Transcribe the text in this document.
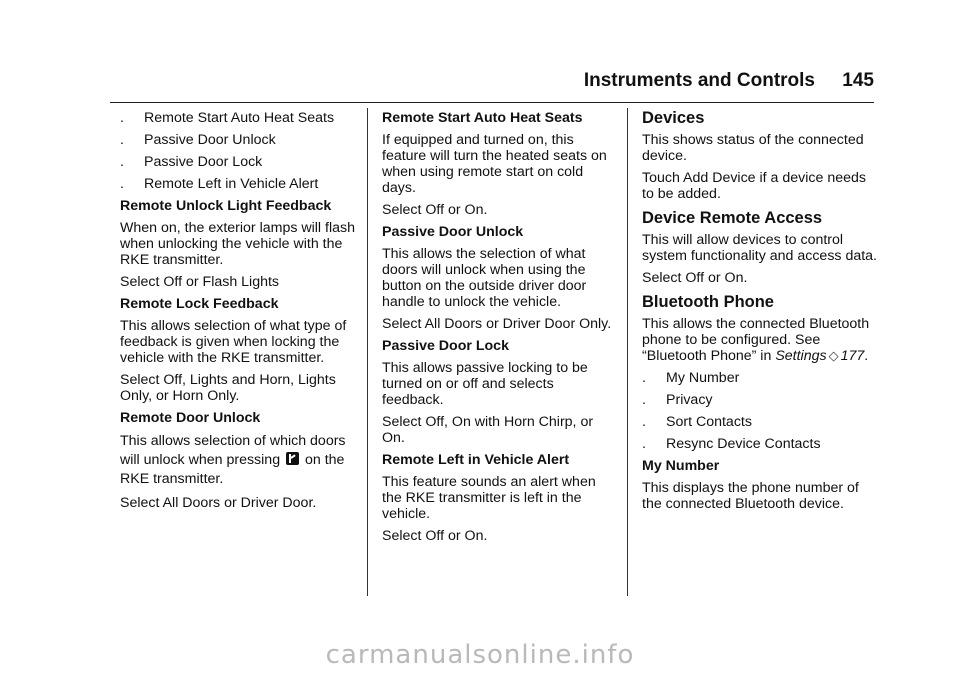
Instruments and Controls	145
. Remote Start Auto Heat Seats
. Passive Door Unlock
. Passive Door Lock
. Remote Left in Vehicle Alert

Remote Unlock Light Feedback

When on, the exterior lamps will flash when unlocking the vehicle with the RKE transmitter.

Select Off or Flash Lights

Remote Lock Feedback

This allows selection of what type of feedback is given when locking the vehicle with the RKE transmitter.

Select Off, Lights and Horn, Lights Only, or Horn Only.

Remote Door Unlock

This allows selection of which doors will unlock when pressing on the RKE transmitter.

Select All Doors or Driver Door.

Remote Start Auto Heat Seats

If equipped and turned on, this feature will turn the heated seats on when using remote start on cold days.

Select Off or On.

Passive Door Unlock

This allows the selection of what doors will unlock when using the button on the outside driver door handle to unlock the vehicle.

Select All Doors or Driver Door Only.

Passive Door Lock

This allows passive locking to be turned on or off and selects feedback.

Select Off, On with Horn Chirp, or On.

Remote Left in Vehicle Alert

This feature sounds an alert when the RKE transmitter is left in the vehicle.

Select Off or On.

Devices

This shows status of the connected device.

Touch Add Device if a device needs to be added.

Device Remote Access

This will allow devices to control system functionality and access data.

Select Off or On.

Bluetooth Phone

This allows the connected Bluetooth phone to be configured. See “Bluetooth Phone” in Settings ◇ 177.

. My Number
. Privacy
. Sort Contacts
. Resync Device Contacts

My Number

This displays the phone number of the connected Bluetooth device.

carmanualsonline.info
